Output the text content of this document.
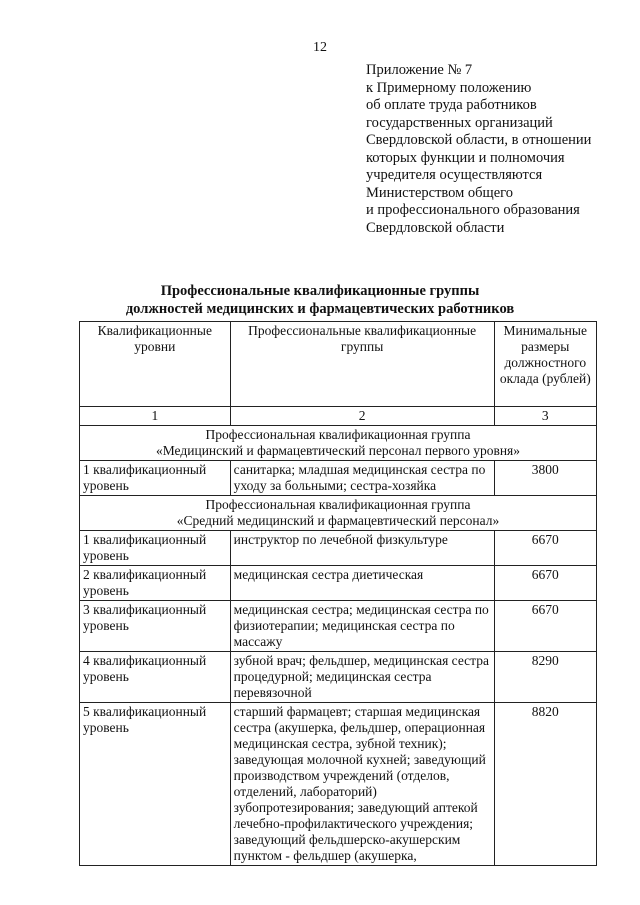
12
Приложение № 7
к Примерному положению
об оплате труда работников
государственных организаций
Свердловской области, в отношении
которых функции и полномочия
учредителя осуществляются
Министерством общего
и профессионального образования
Свердловской области
Профессиональные квалификационные группы
должностей медицинских и фармацевтических работников
Квалификационные уровни	Профессиональные квалификационные группы	Минимальные размеры должностного оклада (рублей)
1	2	3

Профессиональная квалификационная группа
«Медицинский и фармацевтический персонал первого уровня»		

1 квалификационный уровень	санитарка; младшая медицинская сестра по уходу за больными; сестра-хозяйка	3800

Профессиональная квалификационная группа
«Средний медицинский и фармацевтический персонал»		

1 квалификационный уровень	инструктор по лечебной физкультуре	6670
2 квалификационный уровень	медицинская сестра диетическая	6670
3 квалификационный уровень	медицинская сестра; медицинская сестра по физиотерапии; медицинская сестра по массажу	6670
4 квалификационный уровень	зубной врач; фельдшер, медицинская сестра процедурной; медицинская сестра перевязочной	8290
5 квалификационный уровень	старший фармацевт; старшая медицинская сестра (акушерка, фельдшер, операционная медицинская сестра, зубной техник); заведующая молочной кухней; заведующий производством учреждений (отделов, отделений, лабораторий) зубопротезирования; заведующий аптекой лечебно-профилактического учреждения; заведующий фельдшерско-акушерским пунктом - фельдшер (акушерка,	8820
